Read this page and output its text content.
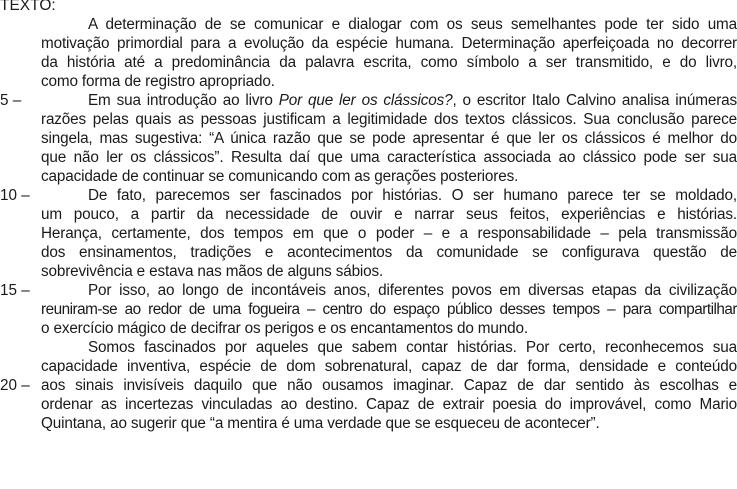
TEXTO:
A determinação de se comunicar e dialogar com os seus semelhantes pode ter sido uma
motivação primordial para a evolução da espécie humana. Determinação aperfeiçoada no decorrer
da história até a predominância da palavra escrita, como símbolo a ser transmitido, e do livro,
como forma de registro apropriado.
5 –	Em sua introdução ao livro Por que ler os clássicos?, o escritor Italo Calvino analisa inúmeras
razões pelas quais as pessoas justificam a legitimidade dos textos clássicos. Sua conclusão parece
singela, mas sugestiva: “A única razão que se pode apresentar é que ler os clássicos é melhor do
que não ler os clássicos”. Resulta daí que uma característica associada ao clássico pode ser sua
capacidade de continuar se comunicando com as gerações posteriores.
10 –	De fato, parecemos ser fascinados por histórias. O ser humano parece ter se moldado,
um pouco, a partir da necessidade de ouvir e narrar seus feitos, experiências e histórias.
Herança, certamente, dos tempos em que o poder – e a responsabilidade – pela transmissão
dos ensinamentos, tradições e acontecimentos da comunidade se configurava questão de
sobrevivência e estava nas mãos de alguns sábios.
15 –	Por isso, ao longo de incontáveis anos, diferentes povos em diversas etapas da civilização
reuniram-se ao redor de uma fogueira – centro do espaço público desses tempos – para compartilhar
o exercício mágico de decifrar os perigos e os encantamentos do mundo.
Somos fascinados por aqueles que sabem contar histórias. Por certo, reconhecemos sua
capacidade inventiva, espécie de dom sobrenatural, capaz de dar forma, densidade e conteúdo
20 – aos sinais invisíveis daquilo que não ousamos imaginar. Capaz de dar sentido às escolhas e
ordenar as incertezas vinculadas ao destino. Capaz de extrair poesia do improvável, como Mario
Quintana, ao sugerir que “a mentira é uma verdade que se esqueceu de acontecer”.
